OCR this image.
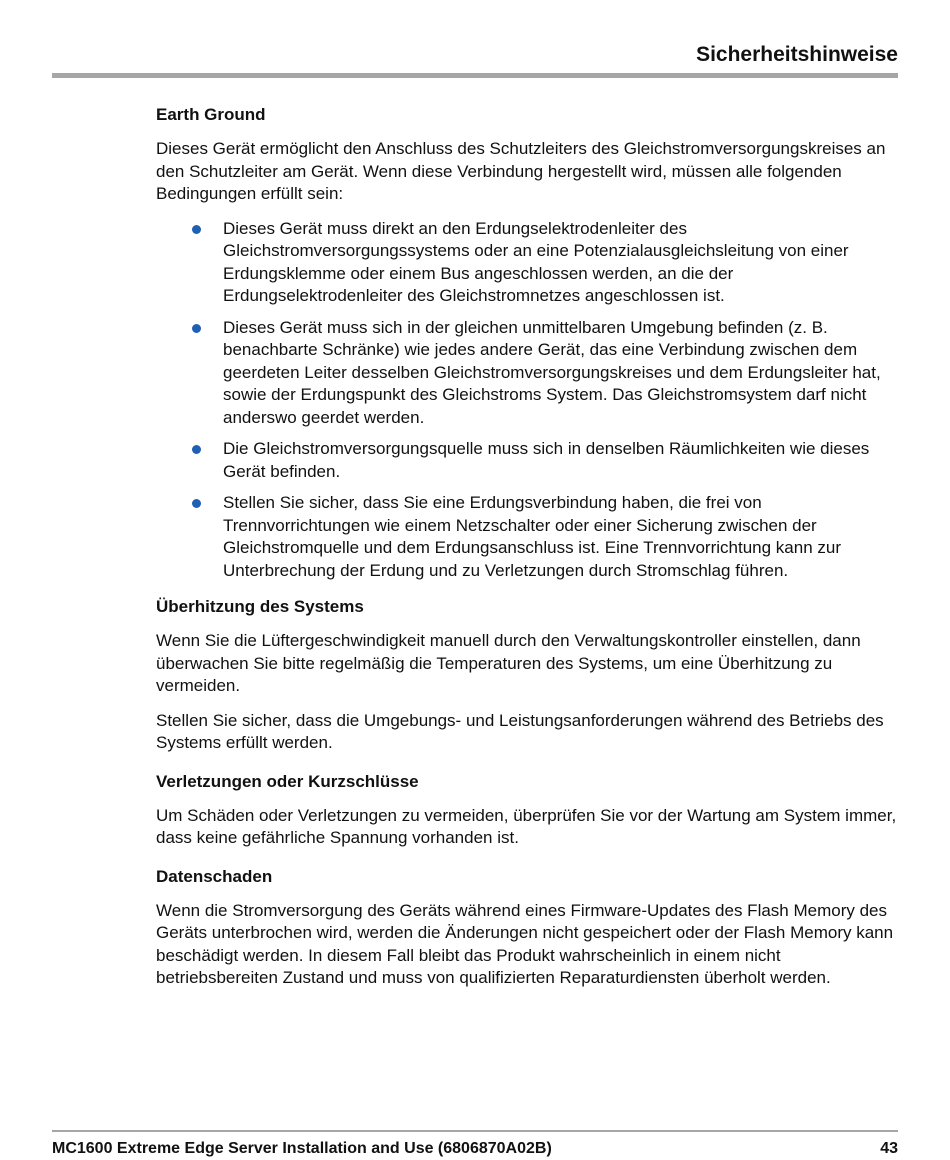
Sicherheitshinweise
Earth Ground

Dieses Gerät ermöglicht den Anschluss des Schutzleiters des Gleichstromversorgungskreises an den Schutzleiter am Gerät. Wenn diese Verbindung hergestellt wird, müssen alle folgenden Bedingungen erfüllt sein:

Dieses Gerät muss direkt an den Erdungselektrodenleiter des Gleichstromversorgungssystems oder an eine Potenzialausgleichsleitung von einer Erdungsklemme oder einem Bus angeschlossen werden, an die der Erdungselektrodenleiter des Gleichstromnetzes angeschlossen ist.
Dieses Gerät muss sich in der gleichen unmittelbaren Umgebung befinden (z. B. benachbarte Schränke) wie jedes andere Gerät, das eine Verbindung zwischen dem geerdeten Leiter desselben Gleichstromversorgungskreises und dem Erdungsleiter hat, sowie der Erdungspunkt des Gleichstroms System. Das Gleichstromsystem darf nicht anderswo geerdet werden.
Die Gleichstromversorgungsquelle muss sich in denselben Räumlichkeiten wie dieses Gerät befinden.
Stellen Sie sicher, dass Sie eine Erdungsverbindung haben, die frei von Trennvorrichtungen wie einem Netzschalter oder einer Sicherung zwischen der Gleichstromquelle und dem Erdungsanschluss ist. Eine Trennvorrichtung kann zur Unterbrechung der Erdung und zu Verletzungen durch Stromschlag führen.
Überhitzung des Systems

Wenn Sie die Lüftergeschwindigkeit manuell durch den Verwaltungskontroller einstellen, dann überwachen Sie bitte regelmäßig die Temperaturen des Systems, um eine Überhitzung zu vermeiden.

Stellen Sie sicher, dass die Umgebungs- und Leistungsanforderungen während des Betriebs des Systems erfüllt werden.

Verletzungen oder Kurzschlüsse

Um Schäden oder Verletzungen zu vermeiden, überprüfen Sie vor der Wartung am System immer, dass keine gefährliche Spannung vorhanden ist.

Datenschaden

Wenn die Stromversorgung des Geräts während eines Firmware-Updates des Flash Memory des Geräts unterbrochen wird, werden die Änderungen nicht gespeichert oder der Flash Memory kann beschädigt werden. In diesem Fall bleibt das Produkt wahrscheinlich in einem nicht betriebsbereiten Zustand und muss von qualifizierten Reparaturdiensten überholt werden.

MC1600 Extreme Edge Server Installation and Use (6806870A02B)	43
